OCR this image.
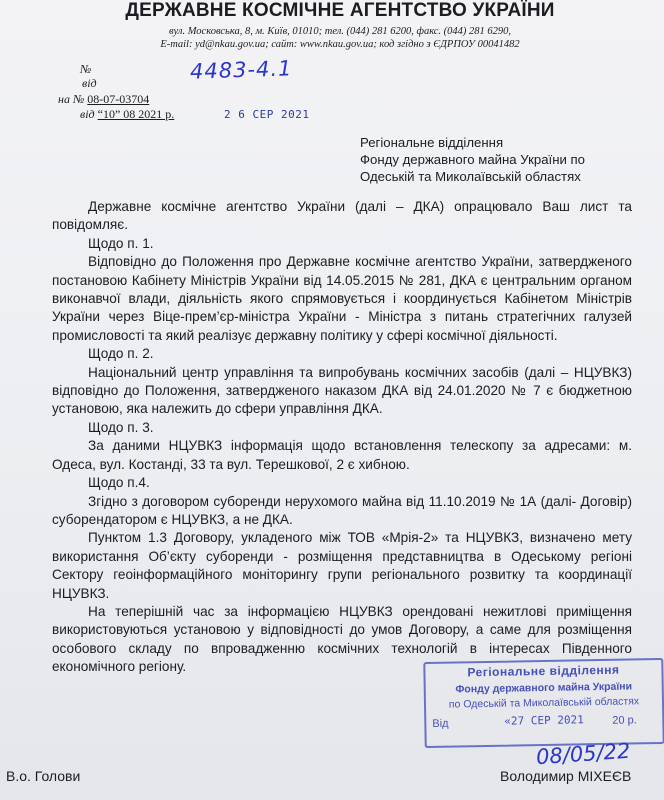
ДЕРЖАВНЕ КОСМІЧНЕ АГЕНТСТВО УКРАЇНИ
вул. Московська, 8, м. Київ, 01010; тел. (044) 281 6200, факс. (044) 281 6290,
E-mail: yd@nkau.gov.ua; сайт: www.nkau.gov.ua; код згідно з ЄДРПОУ 00041482
№
від
на № 08-07-03704
від “10” 08 2021 р.
4483-4.1
2 6 СЕР 2021
Регіональне відділення
Фонду державного майна України по
Одеській та Миколаївській областях

Державне космічне агентство України (далі – ДКА) опрацювало Ваш лист та повідомляє.

Щодо п. 1.

Відповідно до Положення про Державне космічне агентство України, затвердженого постановою Кабінету Міністрів України від 14.05.2015 № 281, ДКА є центральним органом виконавчої влади, діяльність якого спрямовується і координується Кабінетом Міністрів України через Віце-прем’єр-міністра України - Міністра з питань стратегічних галузей промисловості та який реалізує державну політику у сфері космічної діяльності.

Щодо п. 2.

Національний центр управління та випробувань космічних засобів (далі – НЦУВКЗ) відповідно до Положення, затвердженого наказом ДКА від 24.01.2020 № 7 є бюджетною установою, яка належить до сфери управління ДКА.

Щодо п. 3.

За даними НЦУВКЗ інформація щодо встановлення телескопу за адресами: м. Одеса, вул. Костанді, 33 та вул. Терешкової, 2 є хибною.

Щодо п.4.

Згідно з договором суборенди нерухомого майна від 11.10.2019 № 1А (далі- Договір) суборендатором є НЦУВКЗ, а не ДКА.

Пунктом 1.3 Договору, укладеного між ТОВ «Мрія-2» та НЦУВКЗ, визначено мету використання Об’єкту суборенди - розміщення представництва в Одеському регіоні Сектору геоінформаційного моніторингу групи регіонального розвитку та координації НЦУВКЗ.

На теперішній час за інформацією НЦУВКЗ орендовані нежитлові приміщення використовуються установою у відповідності до умов Договору, а саме для розміщення особового складу по впровадженню космічних технологій в інтересах Південного економічного регіону.	Регіональне відділення
Фонду державного майна України
по Одеській та Миколаївській областях
Від	«27 СЕР 2021	20 р.
08/05/22
В.о. Голови	Володимир МІХЕЄВ
